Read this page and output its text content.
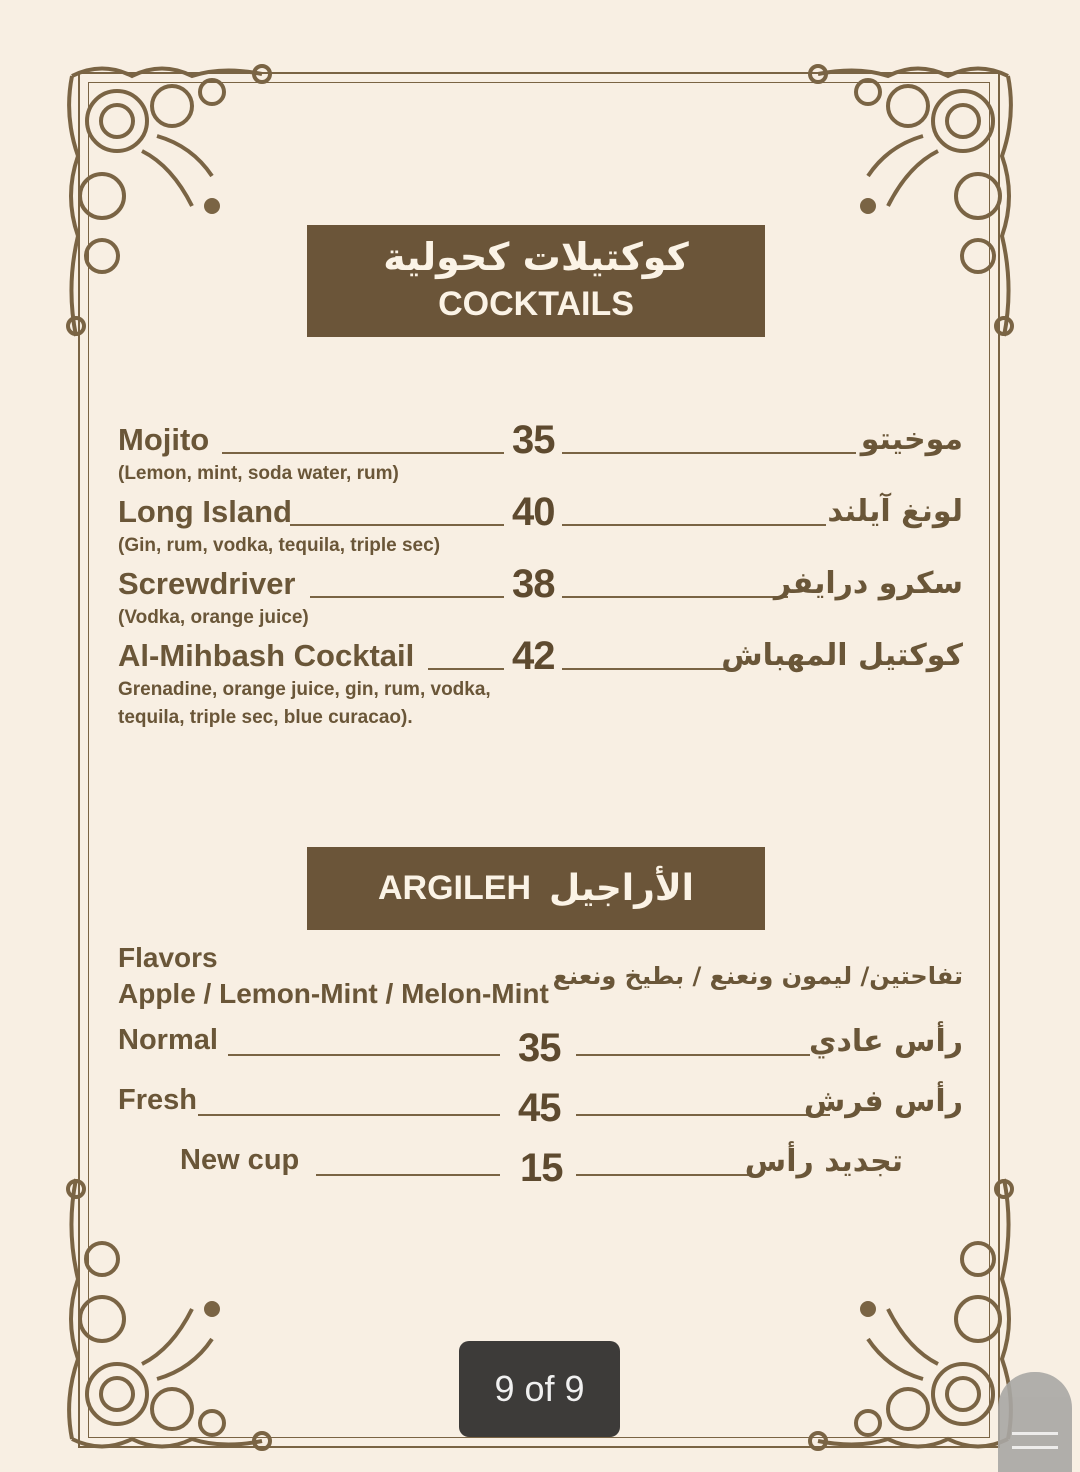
كوكتيلات كحولية
COCKTAILS
Mojito	35	موخيتو
(Lemon, mint, soda water, rum)
Long Island	40	لونغ آيلند
(Gin, rum, vodka, tequila, triple sec)
Screwdriver	38	سكرو درايفر
(Vodka, orange juice)
Al-Mihbash Cocktail 42	كوكتيل المهباش
Grenadine, orange juice, gin, rum, vodka,
tequila, triple sec, blue curacao).
ARGILEH الأراجيل
Flavors
Apple / Lemon-Mint / Melon-Mint
تفاحتين/ ليمون ونعنع / بطيخ ونعنع
Normal	35	رأس عادي
Fresh	45	رأس فرش
New cup	15	تجديد رأس
9 of 9
